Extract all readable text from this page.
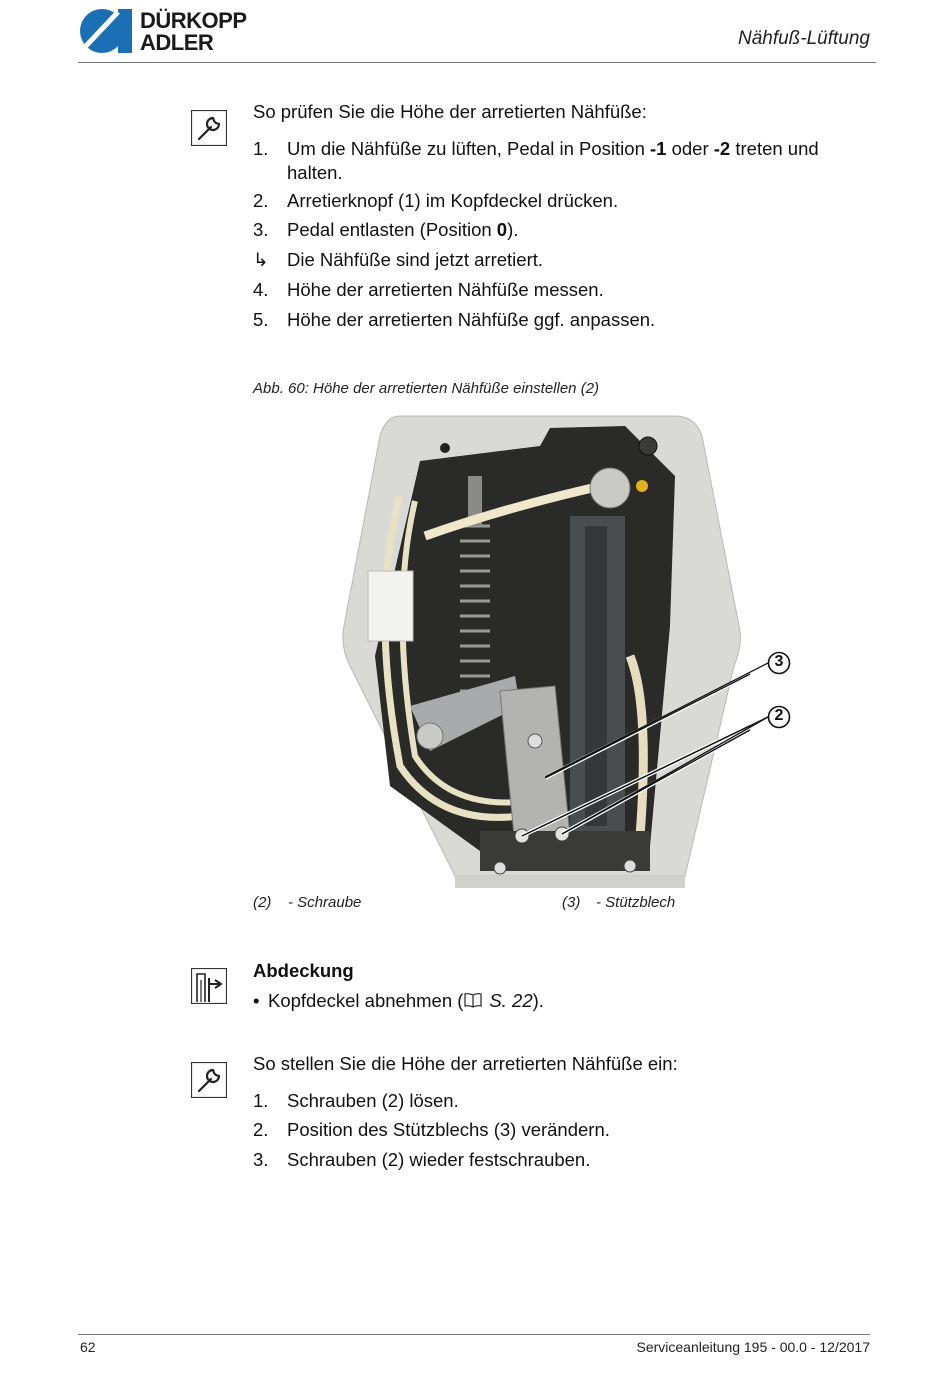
DÜRKOPP
ADLER	Nähfuß-Lüftung
So prüfen Sie die Höhe der arretierten Nähfüße:
1.	Um die Nähfüße zu lüften, Pedal in Position -1 oder -2 treten und halten.
2.	Arretierknopf (1) im Kopfdeckel drücken.
3.	Pedal entlasten (Position 0).
↳ Die Nähfüße sind jetzt arretiert.
4.	Höhe der arretierten Nähfüße messen.
5.	Höhe der arretierten Nähfüße ggf. anpassen.
Abb. 60: Höhe der arretierten Nähfüße einstellen (2)
3
2
(2) - Schraube	(3) - Stützblech
Abdeckung
• Kopfdeckel abnehmen ( S. 22).
So stellen Sie die Höhe der arretierten Nähfüße ein:
1.	Schrauben (2) lösen.
2.	Position des Stützblechs (3) verändern.
3.	Schrauben (2) wieder festschrauben.
62	Serviceanleitung 195 - 00.0 - 12/2017
